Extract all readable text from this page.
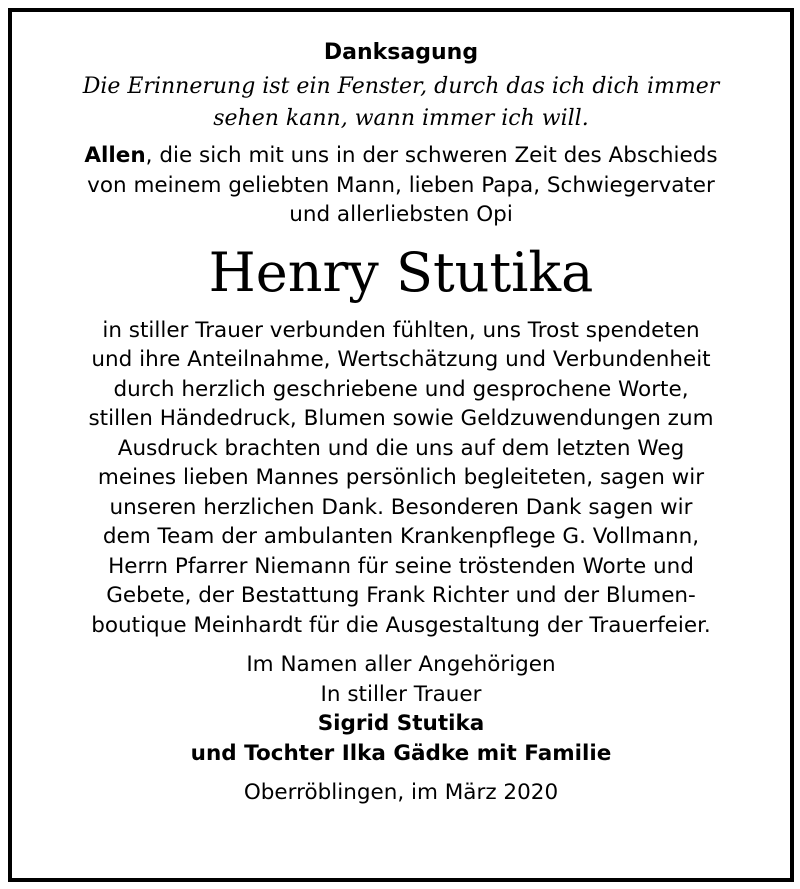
Danksagung
Die Erinnerung ist ein Fenster, durch das ich dich immer
sehen kann, wann immer ich will.
Allen, die sich mit uns in der schweren Zeit des Abschieds
von meinem geliebten Mann, lieben Papa, Schwiegervater
und allerliebsten Opi
Henry Stutika
in stiller Trauer verbunden fühlten, uns Trost spendeten
und ihre Anteilnahme, Wertschätzung und Verbundenheit
durch herzlich geschriebene und gesprochene Worte,
stillen Händedruck, Blumen sowie Geldzuwendungen zum
Ausdruck brachten und die uns auf dem letzten Weg
meines lieben Mannes persönlich begleiteten, sagen wir
unseren herzlichen Dank. Besonderen Dank sagen wir
dem Team der ambulanten Krankenpflege G. Vollmann,
Herrn Pfarrer Niemann für seine tröstenden Worte und
Gebete, der Bestattung Frank Richter und der Blumen-
boutique Meinhardt für die Ausgestaltung der Trauerfeier.
Im Namen aller Angehörigen
In stiller Trauer
Sigrid Stutika
und Tochter Ilka Gädke mit Familie
Oberröblingen, im März 2020
